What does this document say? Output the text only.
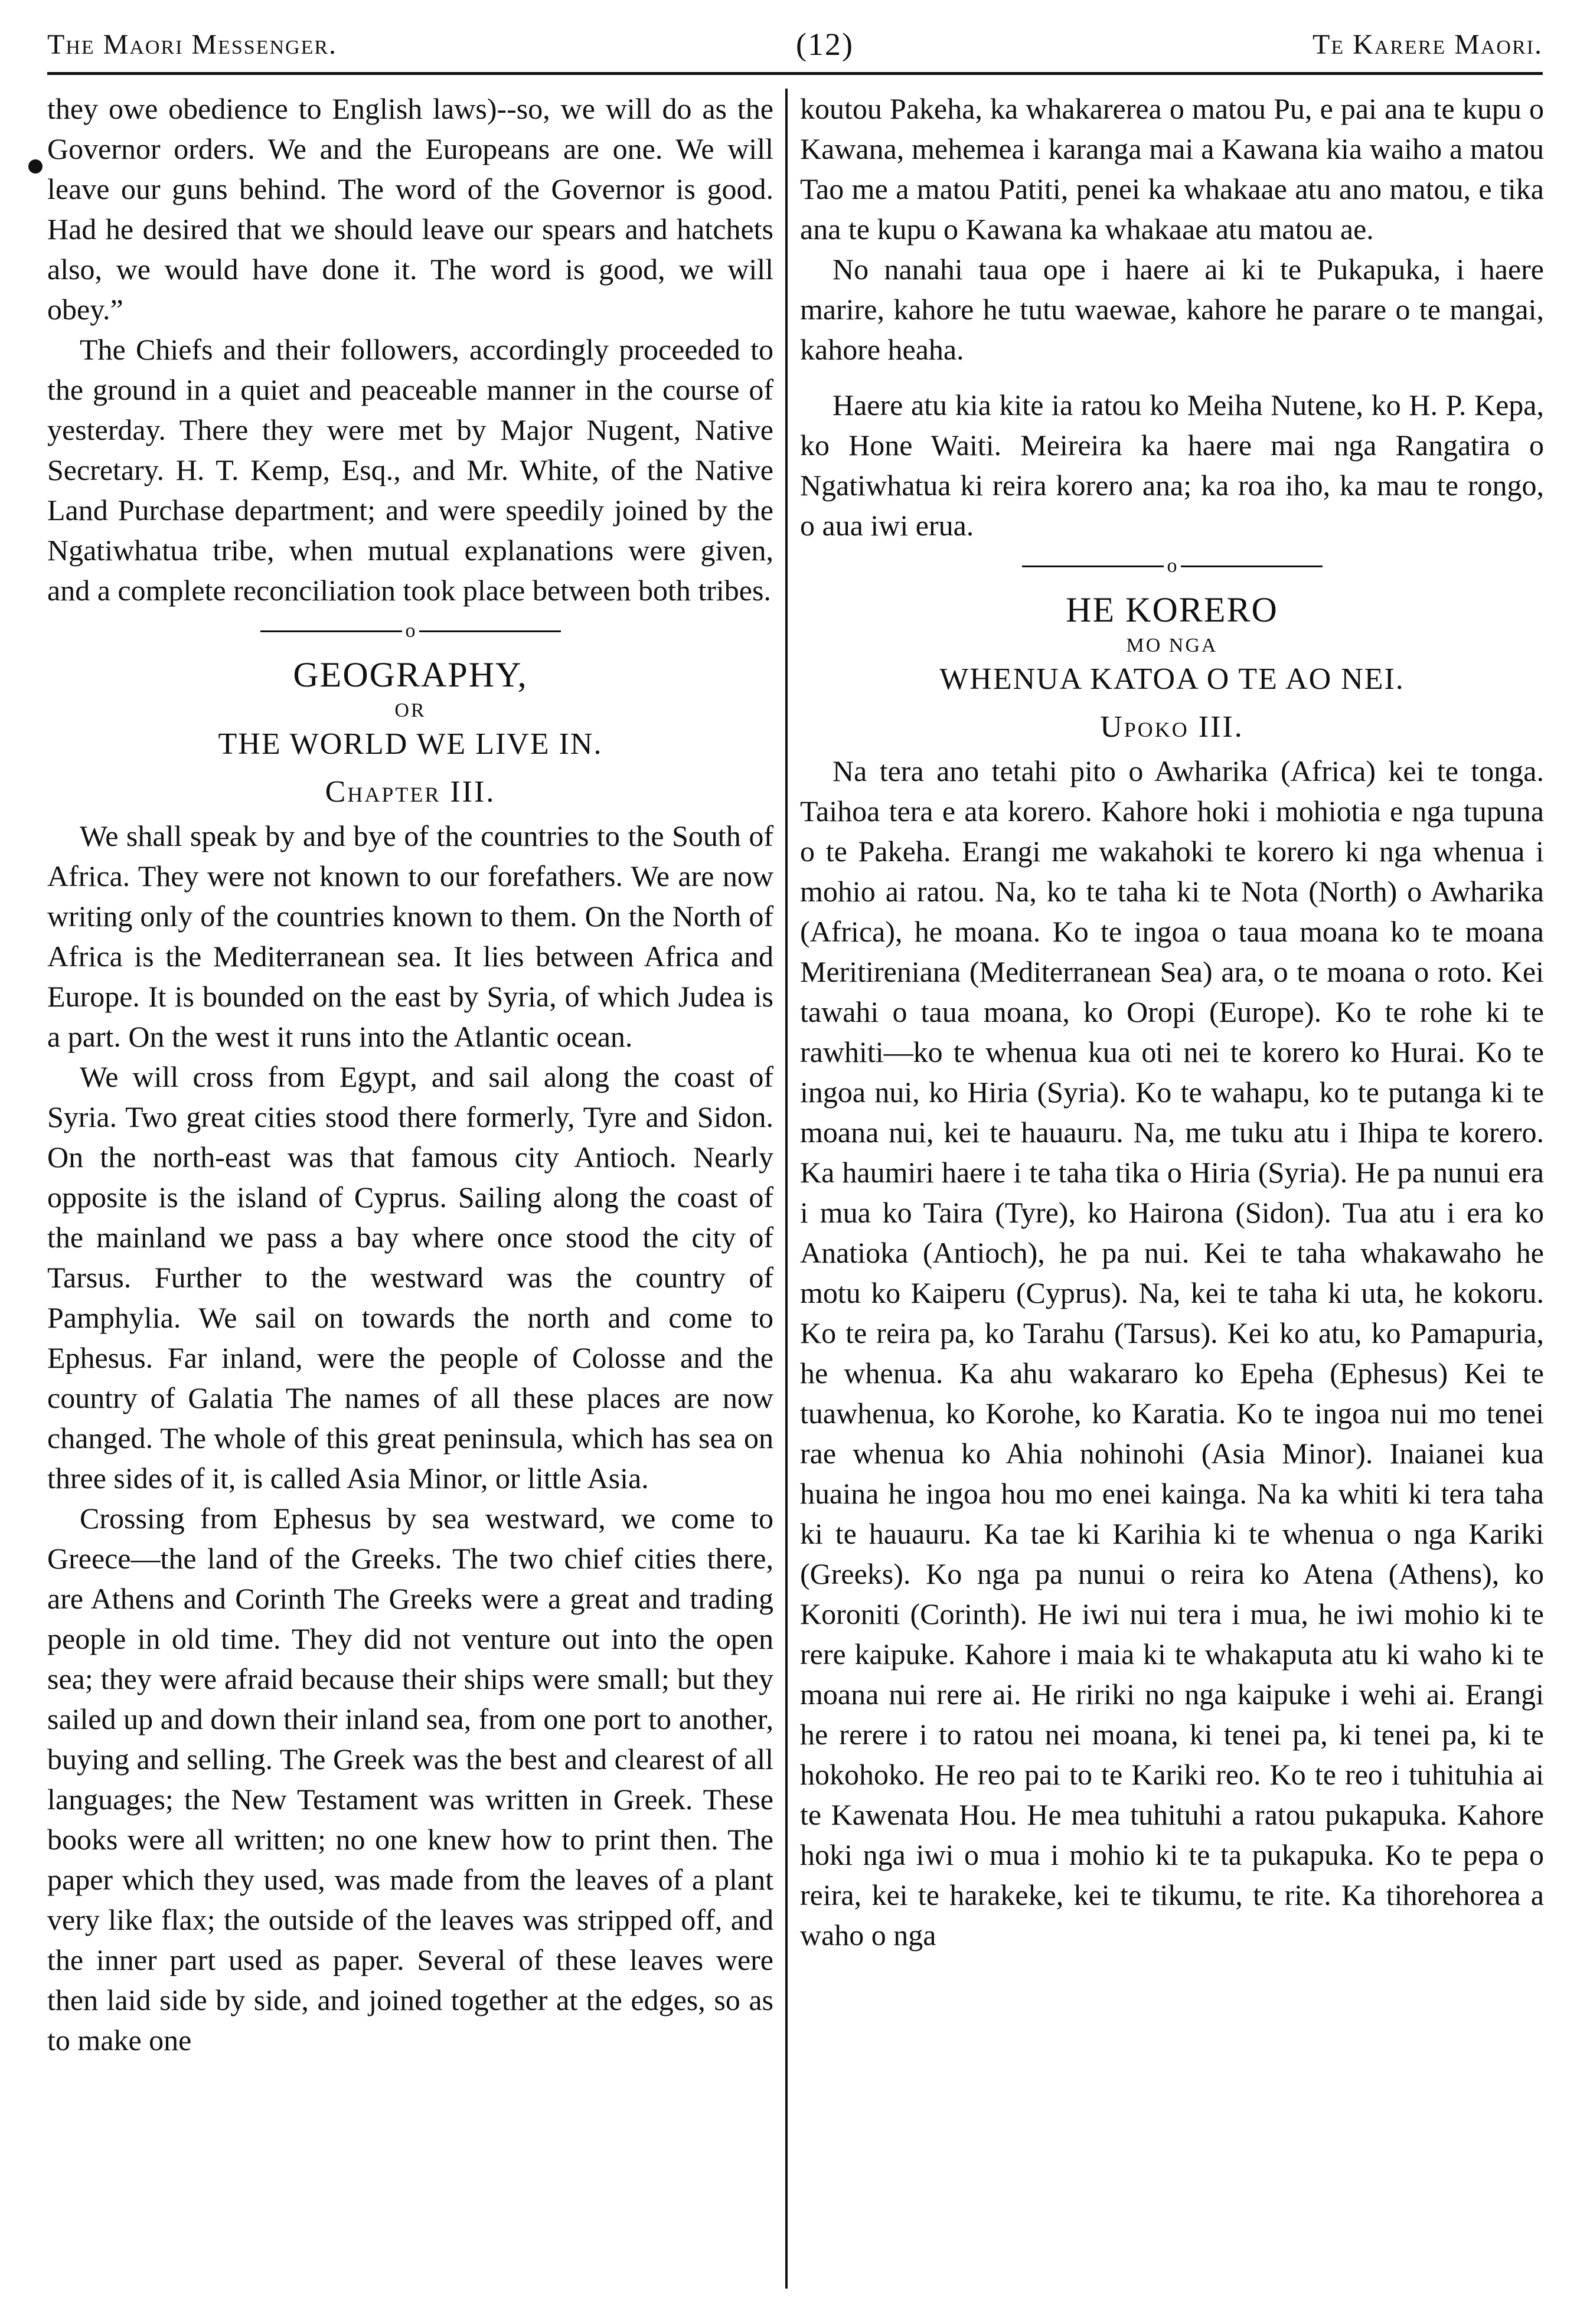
The Maori Messenger.	(12)	Te Karere Maori.

they owe obedience to English laws)--so, we will do as the Governor orders. We and the Europeans are one. We will leave our guns behind. The word of the Governor is good. Had he desired that we should leave our spears and hatchets also, we would have done it. The word is good, we will obey.”

The Chiefs and their followers, accordingly proceeded to the ground in a quiet and peaceable manner in the course of yesterday. There they were met by Major Nugent, Native Secretary. H. T. Kemp, Esq., and Mr. White, of the Native Land Purchase department; and were speedily joined by the Ngatiwhatua tribe, when mutual explanations were given, and a complete reconciliation took place between both tribes.

o

GEOGRAPHY,

OR

THE WORLD WE LIVE IN.

Chapter III.

We shall speak by and bye of the countries to the South of Africa. They were not known to our forefathers. We are now writing only of the countries known to them. On the North of Africa is the Mediterranean sea. It lies between Africa and Europe. It is bounded on the east by Syria, of which Judea is a part. On the west it runs into the Atlantic ocean.

We will cross from Egypt, and sail along the coast of Syria. Two great cities stood there formerly, Tyre and Sidon. On the north-east was that famous city Antioch. Nearly opposite is the island of Cyprus. Sailing along the coast of the mainland we pass a bay where once stood the city of Tarsus. Further to the westward was the country of Pamphylia. We sail on towards the north and come to Ephesus. Far inland, were the people of Colosse and the country of Galatia The names of all these places are now changed. The whole of this great peninsula, which has sea on three sides of it, is called Asia Minor, or little Asia.

Crossing from Ephesus by sea westward, we come to Greece—the land of the Greeks. The two chief cities there, are Athens and Corinth The Greeks were a great and trading people in old time. They did not venture out into the open sea; they were afraid because their ships were small; but they sailed up and down their inland sea, from one port to another, buying and selling. The Greek was the best and clearest of all languages; the New Testament was written in Greek. These books were all written; no one knew how to print then. The paper which they used, was made from the leaves of a plant very like flax; the outside of the leaves was stripped off, and the inner part used as paper. Several of these leaves were then laid side by side, and joined together at the edges, so as to make one

koutou Pakeha, ka whakarerea o matou Pu, e pai ana te kupu o Kawana, mehemea i karanga mai a Kawana kia waiho a matou Tao me a matou Patiti, penei ka whakaae atu ano matou, e tika ana te kupu o Kawana ka whakaae atu matou ae.

No nanahi taua ope i haere ai ki te Pukapuka, i haere marire, kahore he tutu waewae, kahore he parare o te mangai, kahore heaha.

Haere atu kia kite ia ratou ko Meiha Nutene, ko H. P. Kepa, ko Hone Waiti. Meireira ka haere mai nga Rangatira o Ngatiwhatua ki reira korero ana; ka roa iho, ka mau te rongo, o aua iwi erua.

o

HE KORERO

MO NGA

WHENUA KATOA O TE AO NEI.

Upoko III.

Na tera ano tetahi pito o Awharika (Africa) kei te tonga. Taihoa tera e ata korero. Kahore hoki i mohiotia e nga tupuna o te Pakeha. Erangi me wakahoki te korero ki nga whenua i mohio ai ratou. Na, ko te taha ki te Nota (North) o Awharika (Africa), he moana. Ko te ingoa o taua moana ko te moana Meritireniana (Mediterranean Sea) ara, o te moana o roto. Kei tawahi o taua moana, ko Oropi (Europe). Ko te rohe ki te rawhiti—ko te whenua kua oti nei te korero ko Hurai. Ko te ingoa nui, ko Hiria (Syria). Ko te wahapu, ko te putanga ki te moana nui, kei te hauauru. Na, me tuku atu i Ihipa te korero. Ka haumiri haere i te taha tika o Hiria (Syria). He pa nunui era i mua ko Taira (Tyre), ko Hairona (Sidon). Tua atu i era ko Anatioka (Antioch), he pa nui. Kei te taha whakawaho he motu ko Kaiperu (Cyprus). Na, kei te taha ki uta, he kokoru. Ko te reira pa, ko Tarahu (Tarsus). Kei ko atu, ko Pamapuria, he whenua. Ka ahu wakararo ko Epeha (Ephesus) Kei te tuawhenua, ko Korohe, ko Karatia. Ko te ingoa nui mo tenei rae whenua ko Ahia nohinohi (Asia Minor). Inaianei kua huaina he ingoa hou mo enei kainga. Na ka whiti ki tera taha ki te hauauru. Ka tae ki Karihia ki te whenua o nga Kariki (Greeks). Ko nga pa nunui o reira ko Atena (Athens), ko Koroniti (Corinth). He iwi nui tera i mua, he iwi mohio ki te rere kaipuke. Kahore i maia ki te whakaputa atu ki waho ki te moana nui rere ai. He ririki no nga kaipuke i wehi ai. Erangi he rerere i to ratou nei moana, ki tenei pa, ki tenei pa, ki te hokohoko. He reo pai to te Kariki reo. Ko te reo i tuhituhia ai te Kawenata Hou. He mea tuhituhi a ratou pukapuka. Kahore hoki nga iwi o mua i mohio ki te ta pukapuka. Ko te pepa o reira, kei te harakeke, kei te tikumu, te rite. Ka tihorehorea a waho o nga
